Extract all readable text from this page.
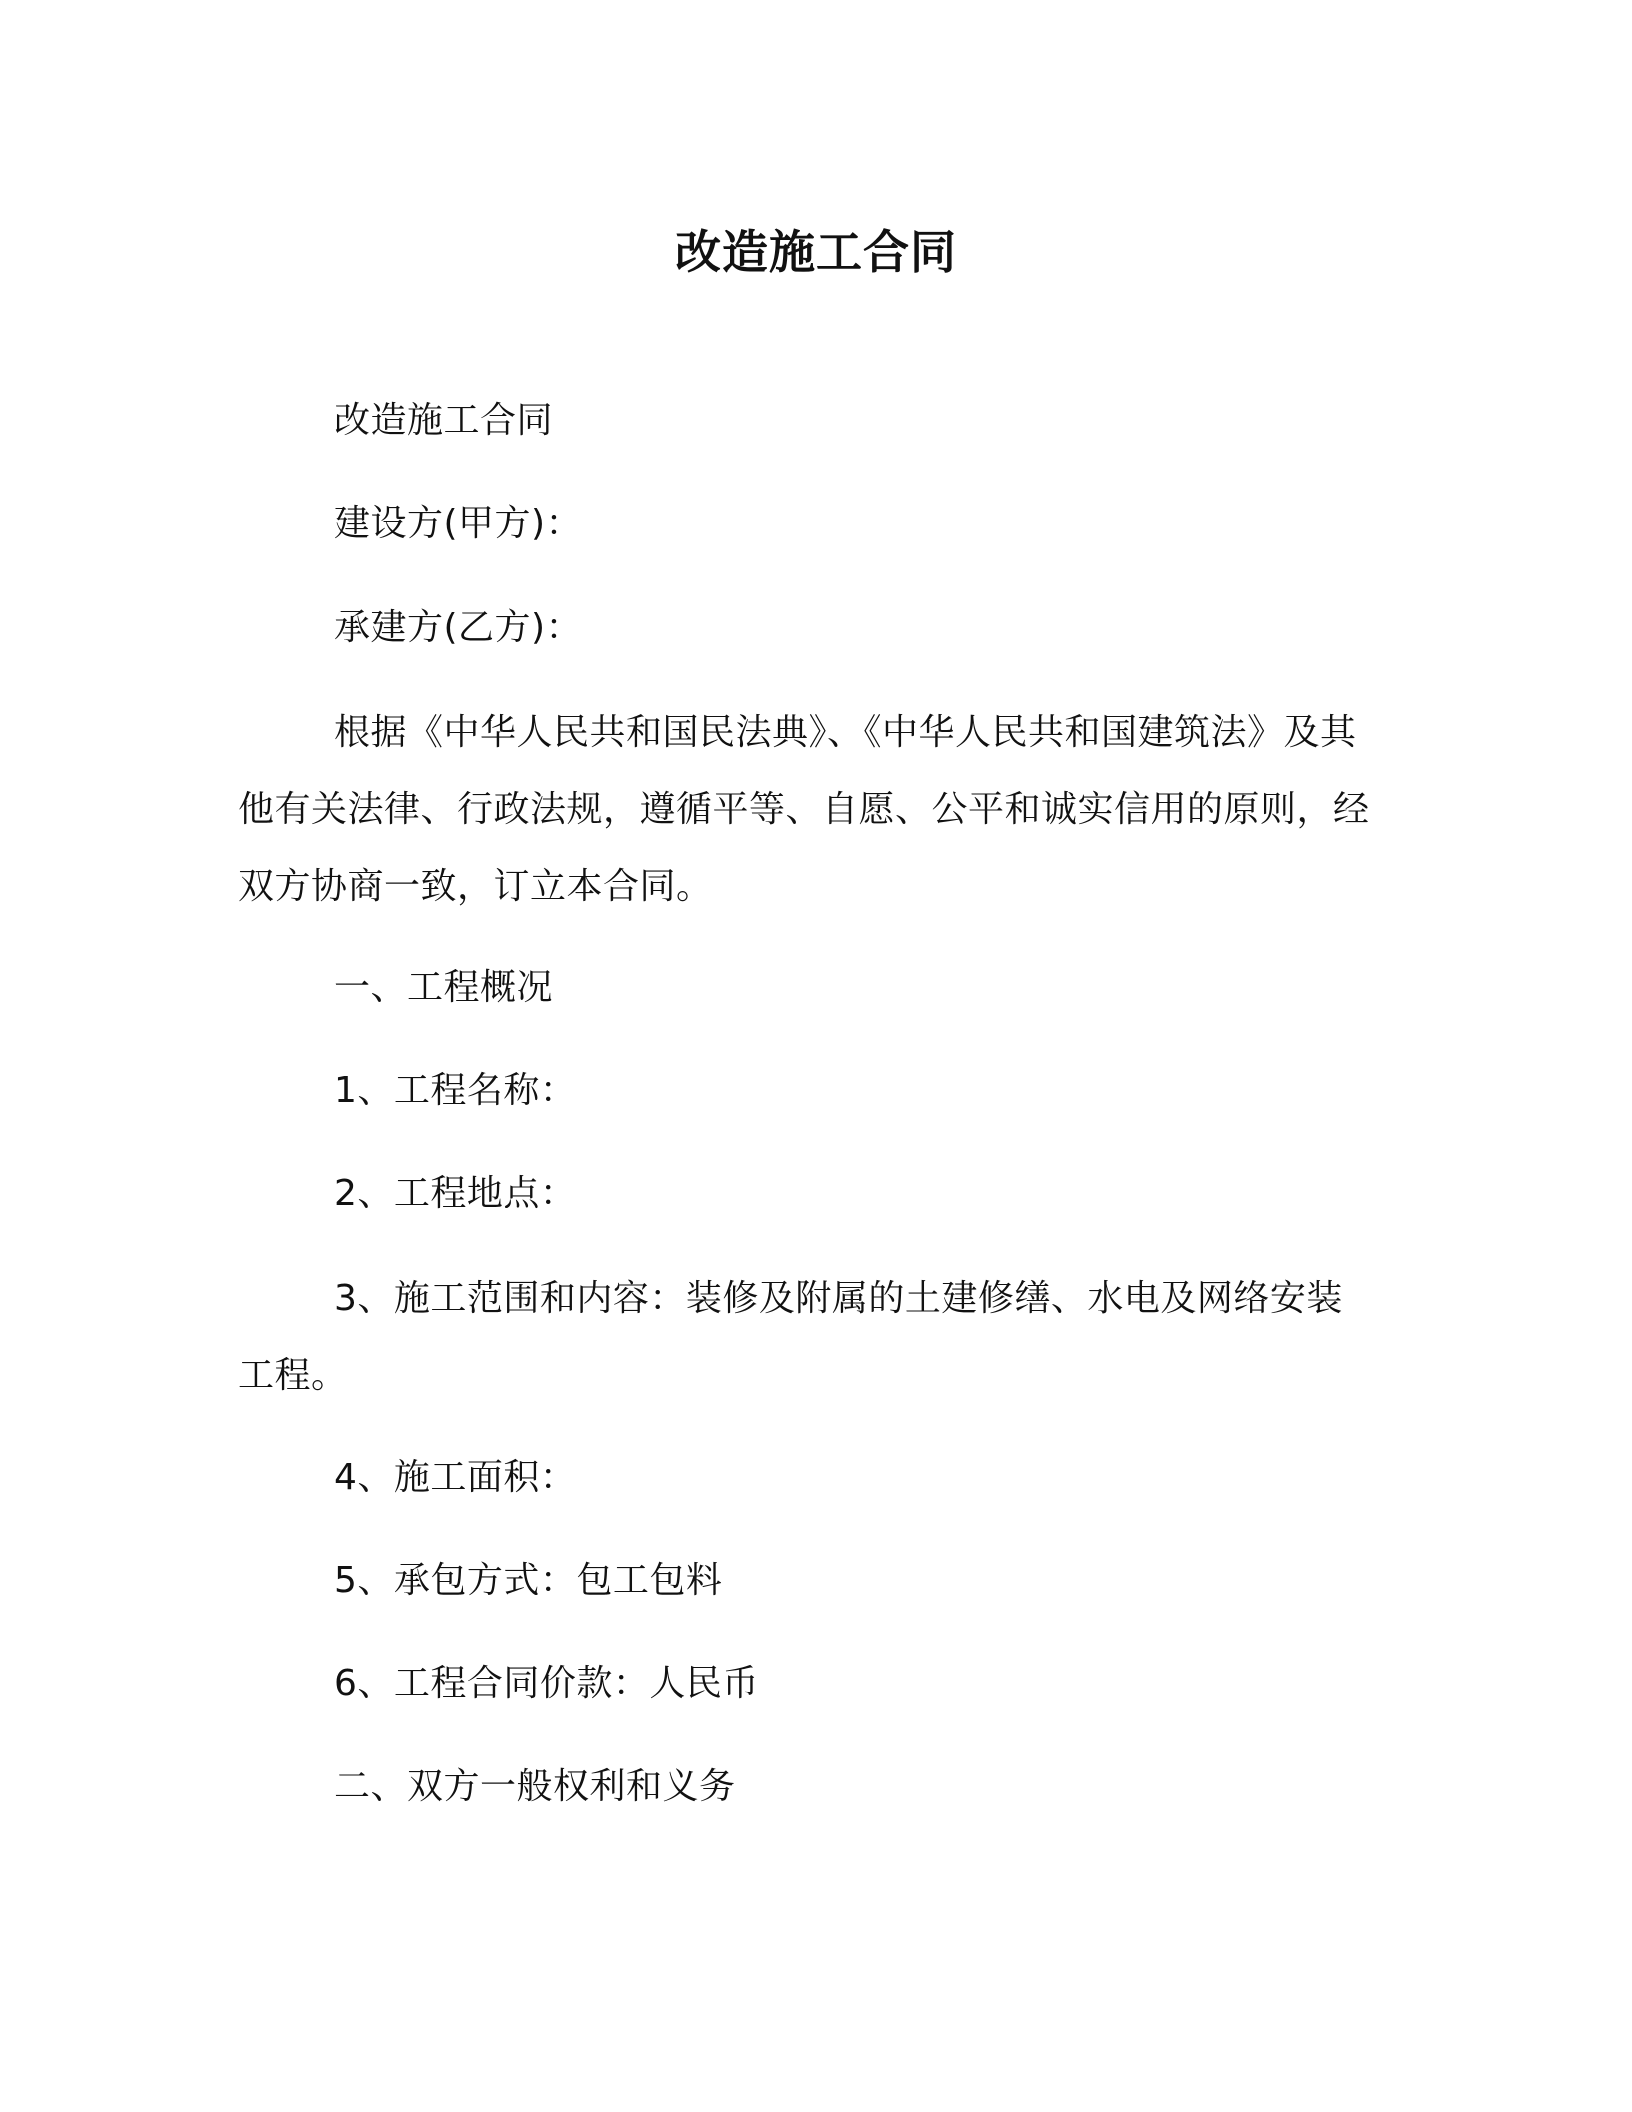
改造施工合同
改造施工合同
建设方(甲方)：
承建方(乙方)：

根据《中华人民共和国民法典》、《中华人民共和国建筑法》及其他有关法律、行政法规，遵循平等、自愿、公平和诚实信用的原则，经双方协商一致，订立本合同。

一、工程概况
1、工程名称：
2、工程地点：

3、施工范围和内容：装修及附属的土建修缮、水电及网络安装工程。

4、施工面积：
5、承包方式：包工包料
6、工程合同价款：人民币
二、双方一般权利和义务
